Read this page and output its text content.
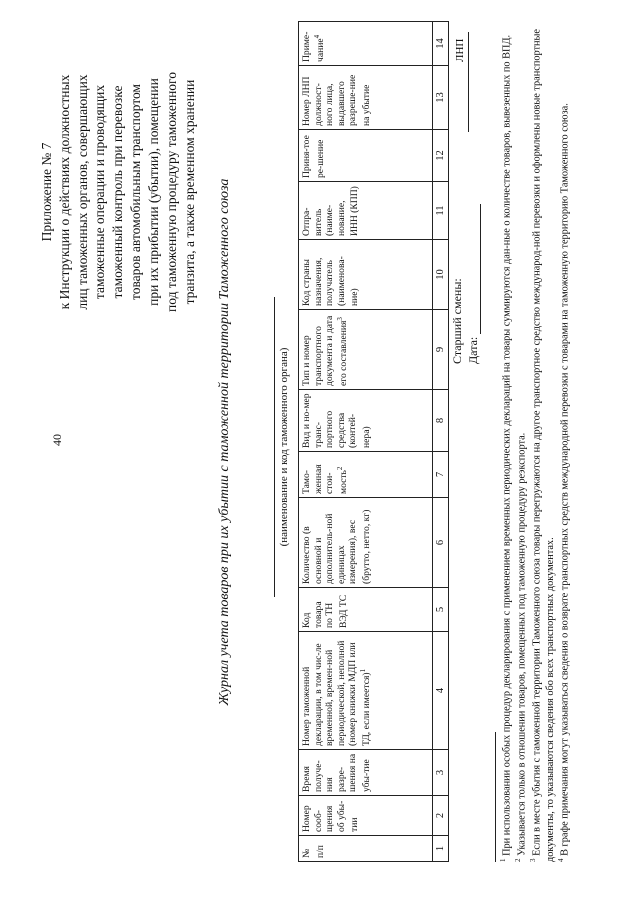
40
Приложение № 7 к Инструкции о действиях должностных лиц таможенных органов, совершающих таможенные операции и проводящих таможенный контроль при перевозке товаров автомобильным транспортом при их прибытии (убытии), помещении под таможенную процедуру таможенного транзита, а также временном хранении Журнал учета товаров при их убытии с таможенной территории Таможенного союза	(наименование и код таможенного органа)
№ п/п	Номер сооб-щения об убы-тии	Время получе-ния разре-шения на убы-тие	Номер таможенной декларации, в том чис-ле временной, времен-ной периодической, неполной (номер книжки МДП или ТД, если имеется)$^1$	Код товара по ТН ВЭД ТС	Количество (в основной и дополнитель-ной единицах измерения), вес (брутто, нетто, кг)	Тамо-женная стои-мость$^2$	Вид и но-мер транс-портного средства (контей-нера)	Тип и номер транспортного документа и дата его составления$^3$	Код страны назначения, получатель (наименова-ние)	Отпра-витель (наиме-нование, ИНН (КПП)	Приня-тое ре-шение	Номер ЛНП должност-ного лица, выдавшего разреше-ние на убытие	Приме-чание$^4$
1	2	3	4	5	6	7	8	9	10	11	12	13	14
Старший смены: Дата:
ЛНП

$^1$ При использовании особых процедур декларирования с применением временных периодических деклараций на товары суммируются дан-ные о количестве товаров, вывезенных по ВПД.

$^2$ Указывается только в отношении товаров, помещенных под таможенную процедуру реэкспорта.

$^3$ Если в месте убытия с таможенной территории Таможенного союза товары перегружаются на другое транспортное средство международ-ной перевозки и оформлены новые транспортные документы, то указываются сведения обо всех транспортных документах. $^4$ В графе примечания могут указываться сведения о возврате транспортных средств международной перевозки с товарами на таможенную территорию Таможенного союза.
